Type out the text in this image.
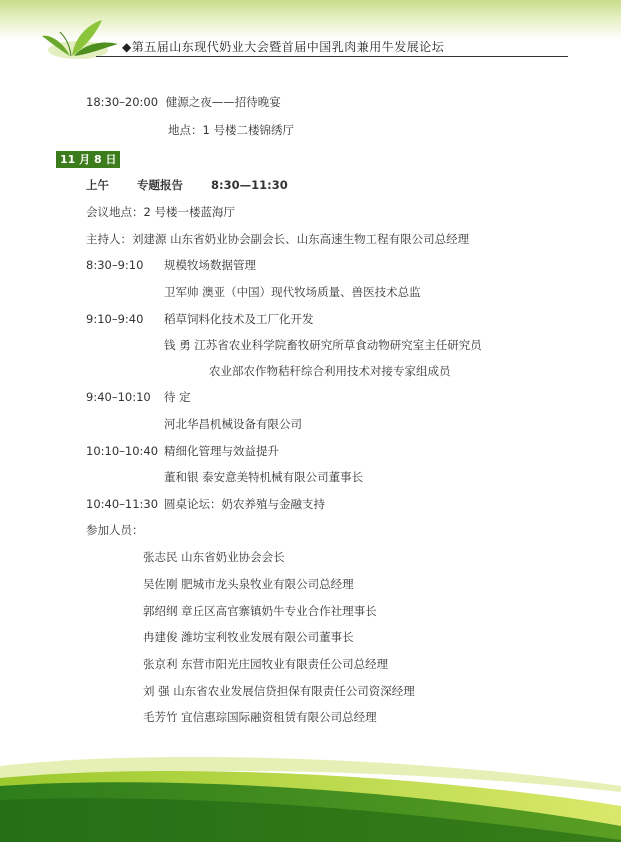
◆第五届山东现代奶业大会暨首届中国乳肉兼用牛发展论坛
18:30–20:00 健源之夜——招待晚宴
地点：1 号楼二楼锦绣厅
11 月 8 日
上午 专题报告 8:30—11:30
会议地点：2 号楼一楼蓝海厅
主持人：刘建源 山东省奶业协会副会长、山东高速生物工程有限公司总经理
8:30–9:10 规模牧场数据管理
卫军帅 澳亚（中国）现代牧场质量、兽医技术总监
9:10–9:40 稻草饲料化技术及工厂化开发
钱 勇 江苏省农业科学院畜牧研究所草食动物研究室主任研究员
农业部农作物秸秆综合利用技术对接专家组成员
9:40–10:10 待 定
河北华昌机械设备有限公司
10:10–10:40 精细化管理与效益提升
董和银 泰安意美特机械有限公司董事长
10:40–11:30 圆桌论坛：奶农养殖与金融支持
参加人员：
张志民 山东省奶业协会会长
吴佐刚 肥城市龙头泉牧业有限公司总经理
郭绍纲 章丘区高官寨镇奶牛专业合作社理事长
冉建俊 潍坊宝利牧业发展有限公司董事长
张京利 东营市阳光庄园牧业有限责任公司总经理
刘 强 山东省农业发展信贷担保有限责任公司资深经理
毛芳竹 宜信惠琮国际融资租赁有限公司总经理
